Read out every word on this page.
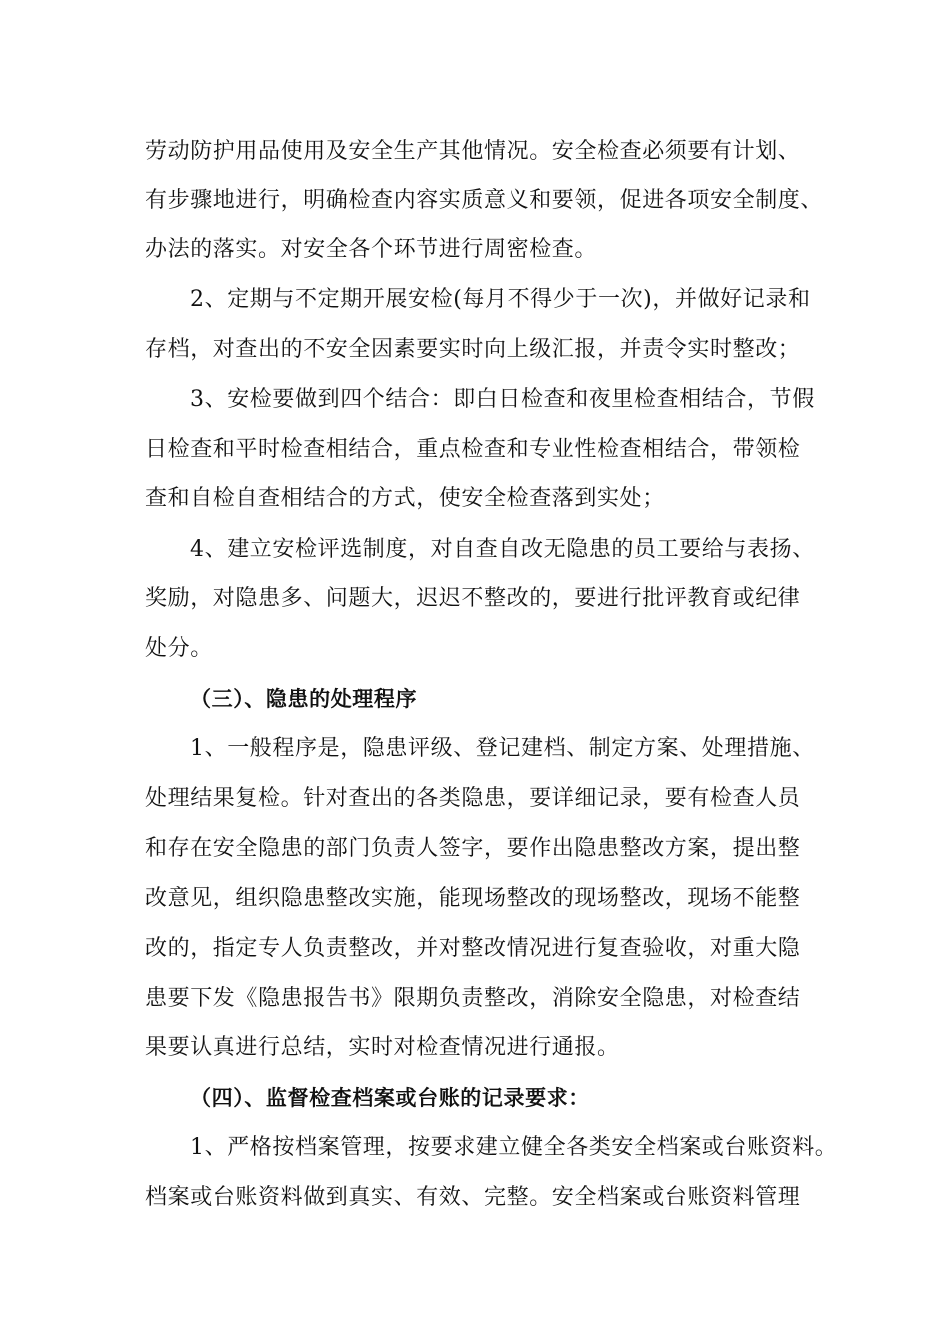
劳动防护用品使用及安全生产其他情况。安全检查必须要有计划、
有步骤地进行，明确检查内容实质意义和要领，促进各项安全制度、
办法的落实。对安全各个环节进行周密检查。
2、定期与不定期开展安检(每月不得少于一次)，并做好记录和
存档，对查出的不安全因素要实时向上级汇报，并责令实时整改；
3、安检要做到四个结合：即白日检查和夜里检查相结合，节假
日检查和平时检查相结合，重点检查和专业性检查相结合，带领检
查和自检自查相结合的方式，使安全检查落到实处；
4、建立安检评选制度，对自查自改无隐患的员工要给与表扬、
奖励，对隐患多、问题大，迟迟不整改的，要进行批评教育或纪律
处分。
（三）、隐患的处理程序
1、一般程序是，隐患评级、登记建档、制定方案、处理措施、
处理结果复检。针对查出的各类隐患，要详细记录，要有检查人员
和存在安全隐患的部门负责人签字，要作出隐患整改方案，提出整
改意见，组织隐患整改实施，能现场整改的现场整改，现场不能整
改的，指定专人负责整改，并对整改情况进行复查验收，对重大隐
患要下发《隐患报告书》限期负责整改，消除安全隐患，对检查结
果要认真进行总结，实时对检查情况进行通报。
（四）、监督检查档案或台账的记录要求：
1、严格按档案管理，按要求建立健全各类安全档案或台账资料。
档案或台账资料做到真实、有效、完整。安全档案或台账资料管理
